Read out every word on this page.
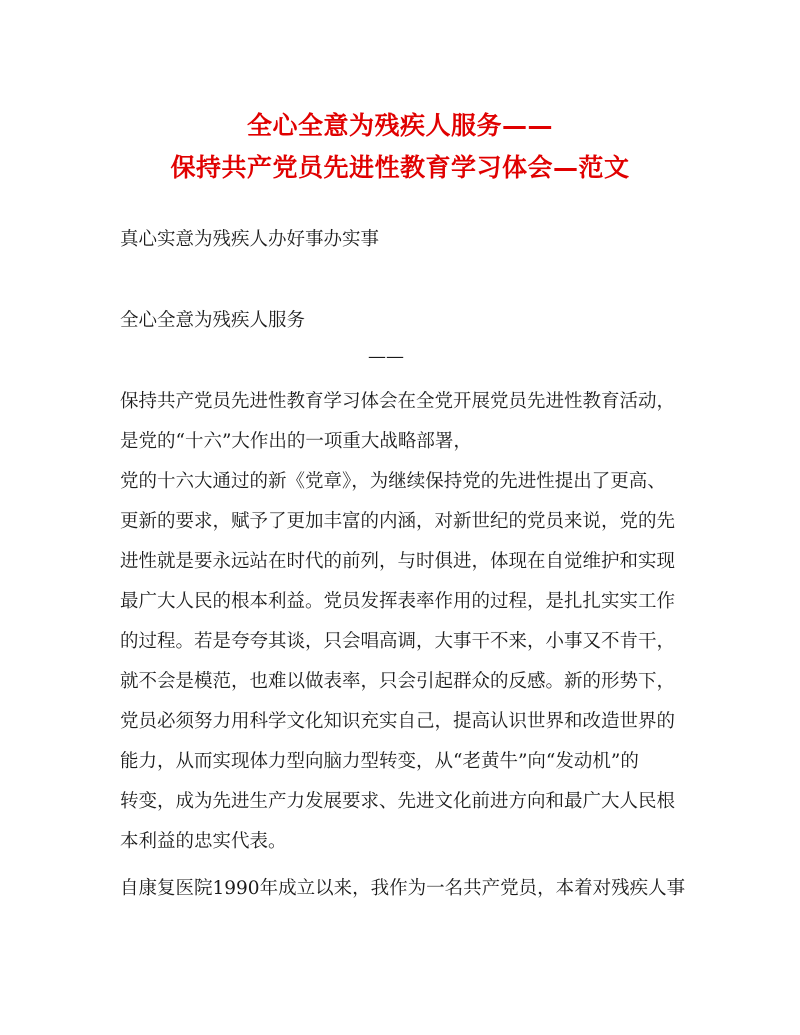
全心全意为残疾人服务——
保持共产党员先进性教育学习体会—范文
真心实意为残疾人办好事办实事
全心全意为残疾人服务
——
保持共产党员先进性教育学习体会在全党开展党员先进性教育活动，
是党的“十六”大作出的一项重大战略部署，
党的十六大通过的新《党章》，为继续保持党的先进性提出了更高、
更新的要求，赋予了更加丰富的内涵，对新世纪的党员来说，党的先
进性就是要永远站在时代的前列，与时俱进，体现在自觉维护和实现
最广大人民的根本利益。党员发挥表率作用的过程，是扎扎实实工作
的过程。若是夸夸其谈，只会唱高调，大事干不来，小事又不肯干，
就不会是模范，也难以做表率，只会引起群众的反感。新的形势下，
党员必须努力用科学文化知识充实自己，提高认识世界和改造世界的
能力，从而实现体力型向脑力型转变，从“老黄牛”向“发动机”的
转变，成为先进生产力发展要求、先进文化前进方向和最广大人民根
本利益的忠实代表。
自康复医院1990年成立以来，我作为一名共产党员，本着对残疾人事
